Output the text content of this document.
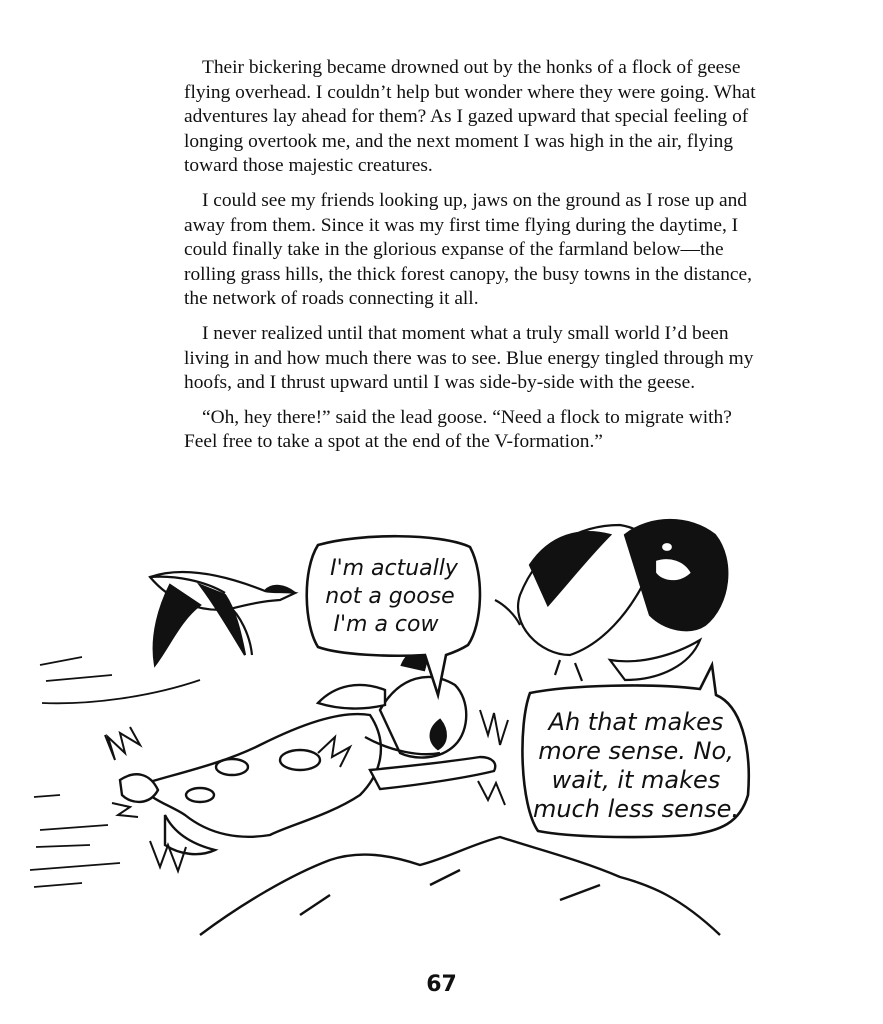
Their bickering became drowned out by the honks of a flock of geese flying overhead. I couldn’t help but wonder where they were going. What adventures lay ahead for them? As I gazed upward that special feeling of longing overtook me, and the next moment I was high in the air, flying toward those majestic creatures.

I could see my friends looking up, jaws on the ground as I rose up and away from them. Since it was my first time flying during the daytime, I could finally take in the glorious expanse of the farmland below—the rolling grass hills, the thick forest canopy, the busy towns in the distance, the network of roads connecting it all.

I never realized until that moment what a truly small world I’d been living in and how much there was to see. Blue energy tingled through my hoofs, and I thrust upward until I was side-by-side with the geese.

“Oh, hey there!” said the lead goose. “Need a flock to migrate with? Feel free to take a spot at the end of the V-formation.”

I'm actually
not a goose
I'm a cow
Ah that makes
more sense. No,
wait, it makes
much less sense.
67
